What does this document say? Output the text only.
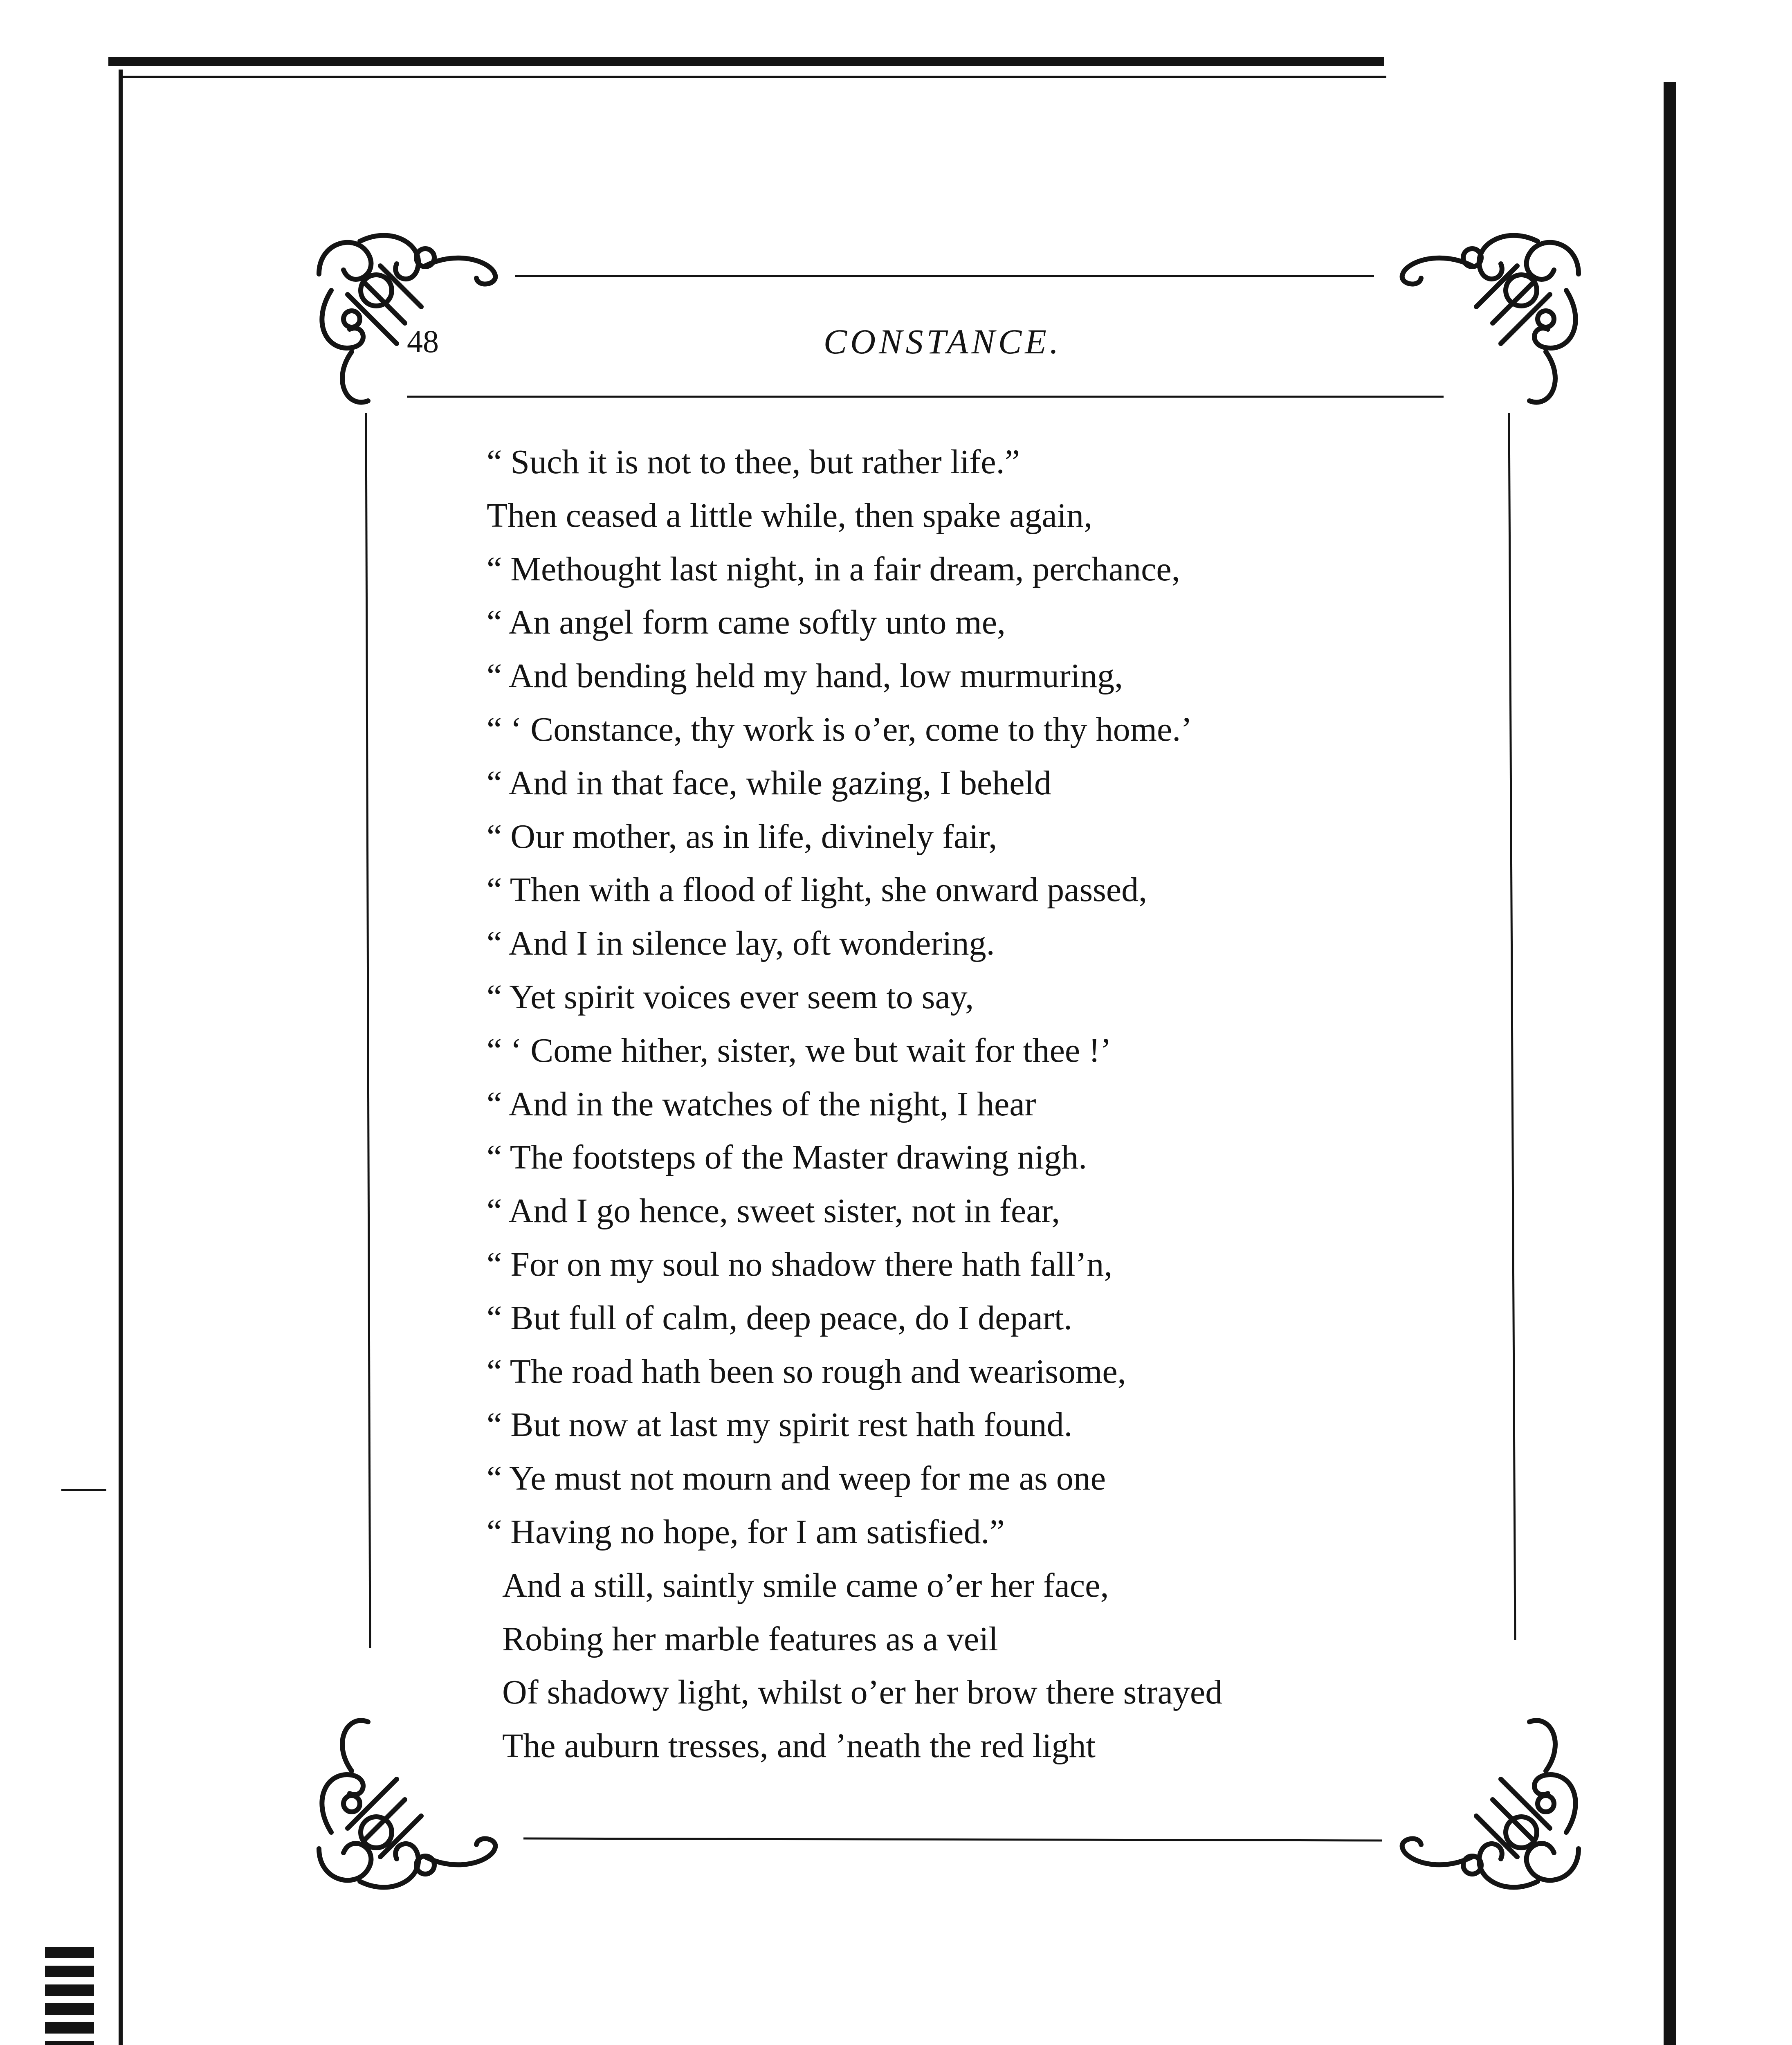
48	CONSTANCE.
“ Such it is not to thee, but rather life.”
Then ceased a little while, then spake again,
“ Methought last night, in a fair dream, perchance,
“ An angel form came softly unto me,
“ And bending held my hand, low murmuring,
“ ‘ Constance, thy work is o’er, come to thy home.’
“ And in that face, while gazing, I beheld
“ Our mother, as in life, divinely fair,
“ Then with a flood of light, she onward passed,
“ And I in silence lay, oft wondering.
“ Yet spirit voices ever seem to say,
“ ‘ Come hither, sister, we but wait for thee !’
“ And in the watches of the night, I hear
“ The footsteps of the Master drawing nigh.
“ And I go hence, sweet sister, not in fear,
“ For on my soul no shadow there hath fall’n,
“ But full of calm, deep peace, do I depart.
“ The road hath been so rough and wearisome,
“ But now at last my spirit rest hath found.
“ Ye must not mourn and weep for me as one
“ Having no hope, for I am satisfied.”
And a still, saintly smile came o’er her face,
Robing her marble features as a veil
Of shadowy light, whilst o’er her brow there strayed
The auburn tresses, and ’neath the red light
